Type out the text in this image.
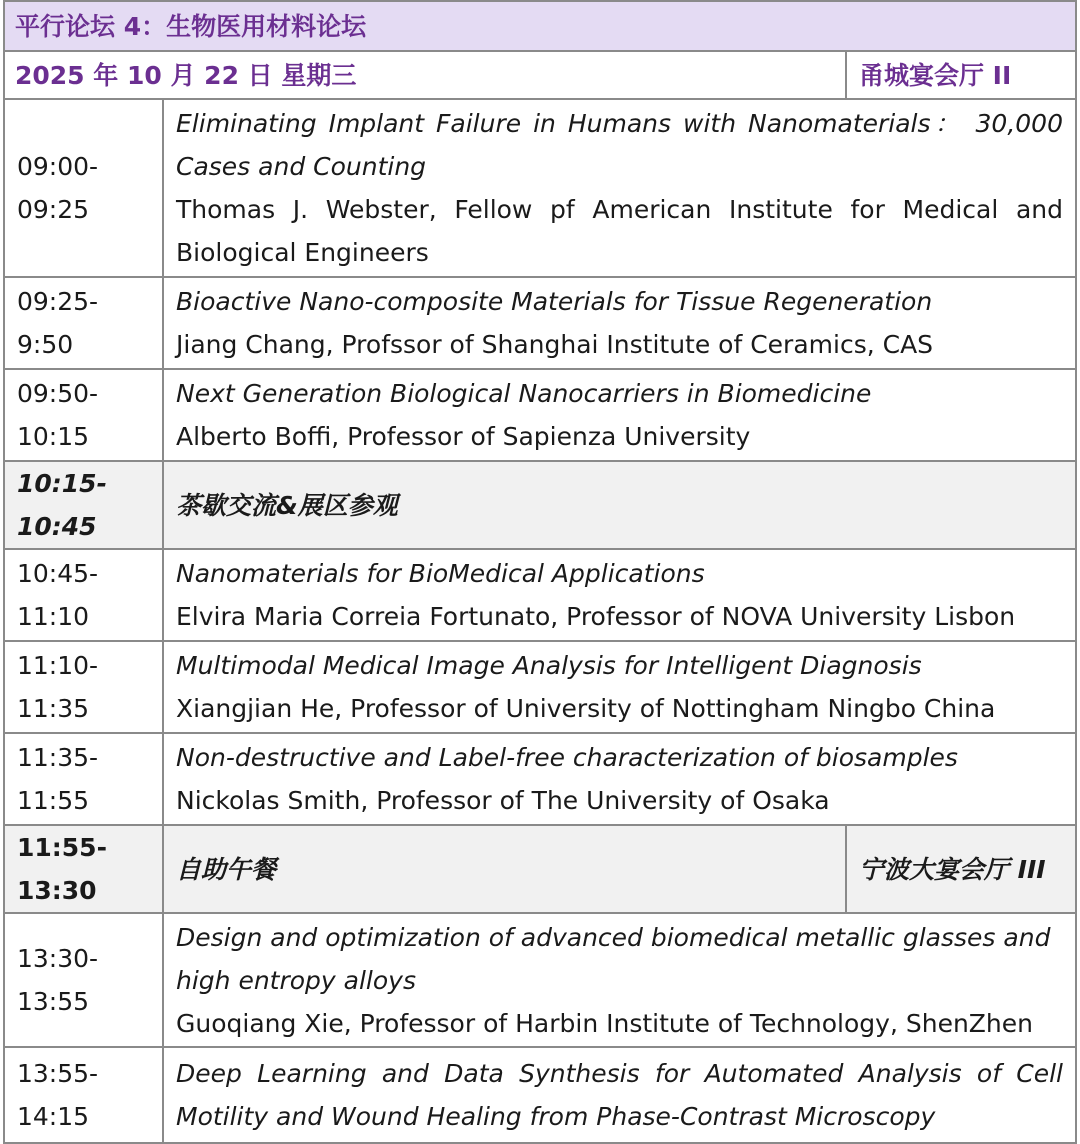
平行论坛 4：生物医用材料论坛		
2025 年 10 月 22 日 星期三		甬城宴会厅 II
09:00-09:25	Eliminating Implant Failure in Humans with Nanomaterials： 30,000 Cases and Counting
Thomas J. Webster, Fellow pf American Institute for Medical and Biological Engineers	

09:25-9:50	Bioactive Nano-composite Materials for Tissue Regeneration
Jiang Chang, Profssor of Shanghai Institute of Ceramics, CAS	

09:50-10:15	Next Generation Biological Nanocarriers in Biomedicine
Alberto Boffi, Professor of Sapienza University	

10:15-10:45	茶歇交流&展区参观	
10:45-11:10	Nanomaterials for BioMedical Applications
Elvira Maria Correia Fortunato, Professor of NOVA University Lisbon	

11:10-11:35	Multimodal Medical Image Analysis for Intelligent Diagnosis
Xiangjian He, Professor of University of Nottingham Ningbo China	

11:35-11:55	Non-destructive and Label-free characterization of biosamples
Nickolas Smith, Professor of The University of Osaka	

11:55-13:30	自助午餐	宁波大宴会厅 III
13:30-13:55	Design and optimization of advanced biomedical metallic glasses and high entropy alloys
Guoqiang Xie, Professor of Harbin Institute of Technology, ShenZhen	

13:55-14:15	Deep Learning and Data Synthesis for Automated Analysis of Cell Motility and Wound Healing from Phase-Contrast Microscopy	
